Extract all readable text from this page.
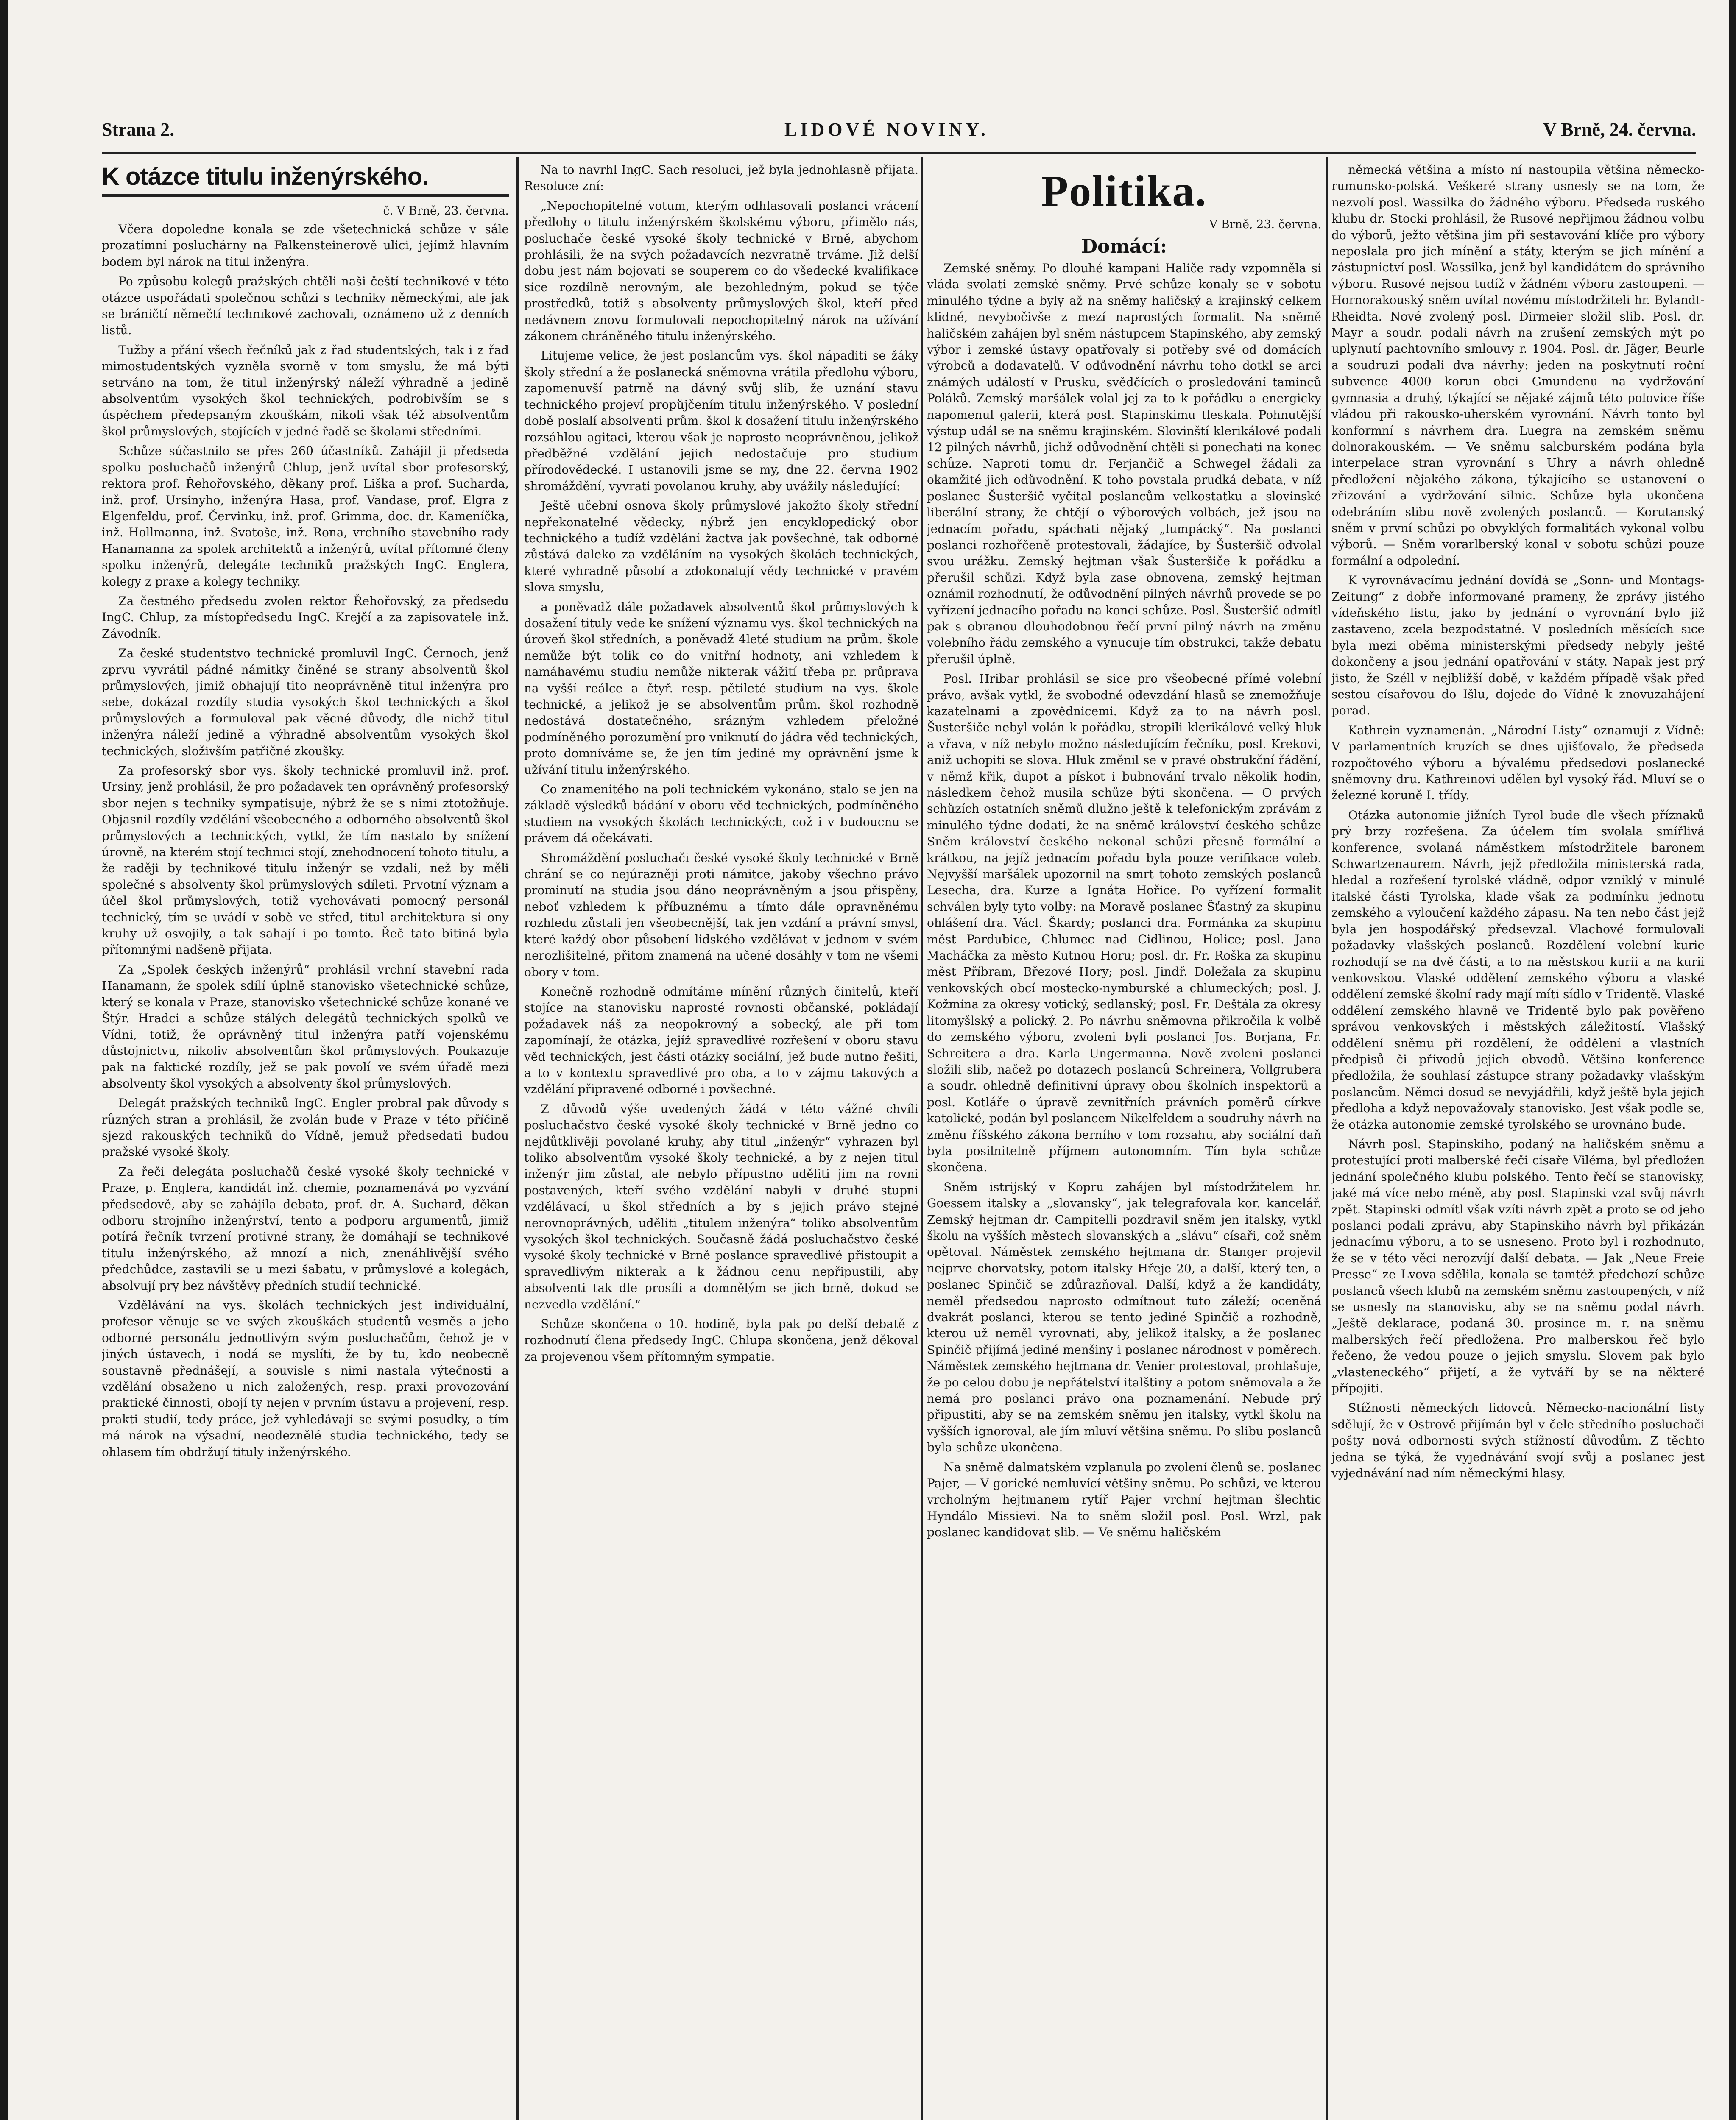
Strana 2.	LIDOVÉ NOVINY.	V Brně, 24. června.
K otázce titulu inženýrského.
č. V Brně, 23. června.

Včera dopoledne konala se zde všetechnická schůze v sále prozatímní posluchárny na Falkensteinerově ulici, jejímž hlavním bodem byl nárok na titul inženýra.

Po způsobu kolegů pražských chtěli naši čeští technikové v této otázce uspořádati společnou schůzi s techniky německými, ale jak se bráničtí němečtí technikové zachovali, oznámeno už z denních listů.

Tužby a přání všech řečníků jak z řad studentských, tak i z řad mimostudentských vyzněla svorně v tom smyslu, že má býti setrváno na tom, že titul inženýrský náleží výhradně a jedině absolventům vysokých škol technických, podrobivším se s úspěchem předepsaným zkouškám, nikoli však též absolventům škol průmyslových, stojících v jedné řadě se školami středními.

Schůze súčastnilo se přes 260 účastníků. Zahájil ji předseda spolku posluchačů inženýrů Chlup, jenž uvítal sbor profesorský, rektora prof. Řehořovského, děkany prof. Liška a prof. Sucharda, inž. prof. Ursinyho, inženýra Hasa, prof. Vandase, prof. Elgra z Elgenfeldu, prof. Červinku, inž. prof. Grimma, doc. dr. Kameníčka, inž. Hollmanna, inž. Svatoše, inž. Rona, vrchního stavebního rady Hanamanna za spolek architektů a inženýrů, uvítal přítomné členy spolku inženýrů, delegáte techniků pražských IngC. Englera, kolegy z praxe a kolegy techniky.

Za čestného předsedu zvolen rektor Řehořovský, za předsedu IngC. Chlup, za místopředsedu IngC. Krejčí a za zapisovatele inž. Závodník.

Za české studentstvo technické promluvil IngC. Černoch, jenž zprvu vyvrátil pádné námitky činěné se strany absolventů škol průmyslových, jimiž obhajují tito neoprávněně titul inženýra pro sebe, dokázal rozdíly studia vysokých škol technických a škol průmyslových a formuloval pak věcné důvody, dle nichž titul inženýra náleží jedině a výhradně absolventům vysokých škol technických, složivším patřičné zkoušky.

Za profesorský sbor vys. školy technické promluvil inž. prof. Ursiny, jenž prohlásil, že pro požadavek ten oprávněný profesorský sbor nejen s techniky sympatisuje, nýbrž že se s nimi ztotožňuje. Objasnil rozdíly vzdělání všeobecného a odborného absolventů škol průmyslových a technických, vytkl, že tím nastalo by snížení úrovně, na kterém stojí technici stojí, znehodnocení tohoto titulu, a že raději by technikové titulu inženýr se vzdali, než by měli společné s absolventy škol průmyslových sdíleti. Prvotní význam a účel škol průmyslových, totiž vychovávati pomocný personál technický, tím se uvádí v sobě ve střed, titul architektura si ony kruhy už osvojily, a tak sahají i po tomto. Řeč tato bitiná byla přítomnými nadšeně přijata.

Za „Spolek českých inženýrů“ prohlásil vrchní stavební rada Hanamann, že spolek sdílí úplně stanovisko všetechnické schůze, který se konala v Praze, stanovisko všetechnické schůze konané ve Štýr. Hradci a schůze stálých delegátů technických spolků ve Vídni, totiž, že oprávněný titul inženýra patří vojenskému důstojnictvu, nikoliv absolventům škol průmyslových. Poukazuje pak na faktické rozdíly, jež se pak povolí ve svém úřadě mezi absolventy škol vysokých a absolventy škol průmyslových.

Delegát pražských techniků IngC. Engler probral pak důvody s různých stran a prohlásil, že zvolán bude v Praze v této příčině sjezd rakouských techniků do Vídně, jemuž předsedati budou pražské vysoké školy.

Za řeči delegáta posluchačů české vysoké školy technické v Praze, p. Englera, kandidát inž. chemie, poznamenává po vyzvání předsedově, aby se zahájila debata, prof. dr. A. Suchard, děkan odboru strojního inženýrství, tento a podporu argumentů, jimiž potírá řečník tvrzení protivné strany, že domáhají se technikové titulu inženýrského, až mnozí a nich, znenáhlivější svého předchůdce, zastavili se u mezi šabatu, v průmyslové a kolegách, absolvují pry bez návštěvy předních studií technické.

Vzdělávání na vys. školách technických jest individuální, profesor věnuje se ve svých zkouškách studentů vesměs a jeho odborné personálu jednotlivým svým posluchačům, čehož je v jiných ústavech, i nodá se myslíti, že by tu, kdo neobecně soustavně přednášejí, a souvisle s nimi nastala výtečnosti a vzdělání obsaženo u nich založených, resp. praxi provozování praktické činnosti, obojí ty nejen v prvním ústavu a projevení, resp. prakti studií, tedy práce, jež vyhledávají se svými posudky, a tím má nárok na výsadní, neodeznělé studia technického, tedy se ohlasem tím obdržují tituly inženýrského.

Na to navrhl IngC. Sach resoluci, jež byla jednohlasně přijata. Resoluce zní:

„Nepochopitelné votum, kterým odhlasovali poslanci vrácení předlohy o titulu inženýrském školskému výboru, přimělo nás, posluchače české vysoké školy technické v Brně, abychom prohlásili, že na svých požadavcích nezvratně trváme. Již delší dobu jest nám bojovati se souperem co do všedecké kvalifikace síce rozdílně nerovným, ale bezohledným, pokud se týče prostředků, totiž s absolventy průmyslových škol, kteří před nedávnem znovu formulovali nepochopitelný nárok na užívání zákonem chráněného titulu inženýrského.

Litujeme velice, že jest poslancům vys. škol nápaditi se žáky školy střední a že poslanecká sněmovna vrátila předlohu výboru, zapomenuvší patrně na dávný svůj slib, že uznání stavu technického projeví propůjčením titulu inženýrského. V poslední době poslalí absolventi prům. škol k dosažení titulu inženýrského rozsáhlou agitaci, kterou však je naprosto neoprávněnou, jelikož předběžné vzdělání jejich nedostačuje pro studium přírodovědecké. I ustanovili jsme se my, dne 22. června 1902 shromáždění, vyvrati povolanou kruhy, aby uvážily následující:

Ještě učební osnova školy průmyslové jakožto školy střední nepřekonatelné vědecky, nýbrž jen encyklopedický obor technického a tudíž vzdělání žactva jak povšechné, tak odborné zůstává daleko za vzděláním na vysokých školách technických, které vyhradně působí a zdokonalují vědy technické v pravém slova smyslu,

a poněvadž dále požadavek absolventů škol průmyslových k dosažení tituly vede ke snížení významu vys. škol technických na úroveň škol středních, a poněvadž 4leté studium na prům. škole nemůže být tolik co do vnitřní hodnoty, ani vzhledem k namáhavému studiu nemůže nikterak vážití třeba pr. průprava na vyšší reálce a čtyř. resp. pětileté studium na vys. škole technické, a jelikož je se absolventům prům. škol rozhodně nedostává dostatečného, srázným vzhledem přeložné podmíněného porozumění pro vniknutí do jádra věd technických, proto domníváme se, že jen tím jediné my oprávnění jsme k užívání titulu inženýrského.

Co znamenitého na poli technickém vykonáno, stalo se jen na základě výsledků bádání v oboru věd technických, podmíněného studiem na vysokých školách technických, což i v budoucnu se právem dá očekávati.

Shromáždění posluchači české vysoké školy technické v Brně chrání se co nejúrazněji proti námitce, jakoby všechno právo prominutí na studia jsou dáno neoprávněným a jsou přispěny, neboť vzhledem k příbuznému a tímto dále opravněnému rozhledu zůstali jen všeobecnější, tak jen vzdání a právní smysl, které každý obor působení lidského vzdělávat v jednom v svém nerozlišitelné, přitom znamená na učené dosáhly v tom ne všemi obory v tom.

Konečně rozhodně odmítáme mínění různých činitelů, kteří stojíce na stanovisku naprosté rovnosti občanské, pokládají požadavek náš za neopokrovný a sobecký, ale při tom zapomínají, že otázka, jejíž spravedlivé rozřešení v oboru stavu věd technických, jest části otázky sociální, jež bude nutno řešiti, a to v kontextu spravedlivé pro oba, a to v zájmu takových a vzdělání připravené odborné i povšechné.

Z důvodů výše uvedených žádá v této vážné chvíli posluchačstvo české vysoké školy technické v Brně jedno co nejdůtklivěji povolané kruhy, aby titul „inženýr“ vyhrazen byl toliko absolventům vysoké školy technické, a by z nejen titul inženýr jim zůstal, ale nebylo přípustno uděliti jim na rovni postavených, kteří svého vzdělání nabyli v druhé stupni vzdělávací, u škol středních a by s jejich právo stejné nerovnoprávných, uděliti „titulem inženýra“ toliko absolventům vysokých škol technických. Současně žádá posluchačstvo české vysoké školy technické v Brně poslance spravedlivé přistoupit a spravedlivým nikterak a k žádnou cenu nepřipustili, aby absolventi tak dle prosíli a domnělým se jich brně, dokud se nezvedla vzdělání.“

Schůze skončena o 10. hodině, byla pak po delší debatě z rozhodnutí člena předsedy IngC. Chlupa skončena, jenž děkoval za projevenou všem přítomným sympatie.

Politika.
V Brně, 23. června.
Domácí:

Zemské sněmy. Po dlouhé kampani Haliče rady vzpomněla si vláda svolati zemské sněmy. Prvé schůze konaly se v sobotu minulého týdne a byly až na sněmy haličský a krajinský celkem klidné, nevybočivše z mezí naprostých formalit. Na sněmě haličském zahájen byl sněm nástupcem Stapinského, aby zemský výbor i zemské ústavy opatřovaly si potřeby své od domácích výrobců a dodavatelů. V odůvodnění návrhu toho dotkl se arci známých událostí v Prusku, svědčících o prosledování taminců Poláků. Zemský maršálek volal jej za to k pořádku a energicky napomenul galerii, která posl. Stapinskimu tleskala. Pohnutější výstup udál se na sněmu krajinském. Slovinští klerikálové podali 12 pilných návrhů, jichž odůvodnění chtěli si ponechati na konec schůze. Naproti tomu dr. Ferjančič a Schwegel žádali za okamžité jich odůvodnění. K toho povstala prudká debata, v níž poslanec Šusteršič vyčítal poslancům velkostatku a slovinské liberální strany, že chtějí o výborových volbách, jež jsou na jednacím pořadu, spáchati nějaký „lumpácký“. Na poslanci poslanci rozhořčeně protestovali, žádajíce, by Šusteršič odvolal svou urážku. Zemský hejtman však Šusteršiče k pořádku a přerušil schůzi. Když byla zase obnovena, zemský hejtman oznámil rozhodnutí, že odůvodnění pilných návrhů provede se po vyřízení jednacího pořadu na konci schůze. Posl. Šusteršič odmítl pak s obranou dlouhodobnou řečí první pilný návrh na změnu volebního řádu zemského a vynucuje tím obstrukci, takže debatu přerušil úplně.

Posl. Hribar prohlásil se sice pro všeobecné přímé volební právo, avšak vytkl, že svobodné odevzdání hlasů se znemožňuje kazatelnami a zpovědnicemi. Když za to na návrh posl. Šusteršiče nebyl volán k pořádku, stropili klerikálové velký hluk a vřava, v níž nebylo možno následujícím řečníku, posl. Krekovi, aniž uchopiti se slova. Hluk změnil se v pravé obstrukční řádění, v němž křik, dupot a pískot i bubnování trvalo několik hodin, následkem čehož musila schůze býti skončena. — O prvých schůzích ostatních sněmů dlužno ještě k telefonickým zprávám z minulého týdne dodati, že na sněmě království českého schůze Sněm království českého nekonal schůzi přesně formální a krátkou, na jejíž jednacím pořadu byla pouze verifikace voleb. Nejvyšší maršálek upozornil na smrt tohoto zemských poslanců Lesecha, dra. Kurze a Ignáta Hořice. Po vyřízení formalit schválen byly tyto volby: na Moravě poslanec Šťastný za skupinu ohlášení dra. Václ. Škardy; poslanci dra. Formánka za skupinu měst Pardubice, Chlumec nad Cidlinou, Holice; posl. Jana Macháčka za město Kutnou Horu; posl. dr. Fr. Roška za skupinu měst Příbram, Březové Hory; posl. Jindř. Doležala za skupinu venkovských obcí mostecko-nymburské a chlumeckých; posl. J. Kožmína za okresy votický, sedlanský; posl. Fr. Deštála za okresy litomyšlský a polický. 2. Po návrhu sněmovna přikročila k volbě do zemského výboru, zvoleni byli poslanci Jos. Borjana, Fr. Schreitera a dra. Karla Ungermanna. Nově zvoleni poslanci složili slib, načež po dotazech poslanců Schreinera, Vollgrubera a soudr. ohledně definitivní úpravy obou školních inspektorů a posl. Kotláře o úpravě zevnitřních právních poměrů církve katolické, podán byl poslancem Nikelfeldem a soudruhy návrh na změnu říšského zákona berního v tom rozsahu, aby sociální daň byla posilnitelně příjmem autonomním. Tím byla schůze skončena.

Sněm istrijský v Kopru zahájen byl místodržitelem hr. Goessem italsky a „slovansky“, jak telegrafovala kor. kancelář. Zemský hejtman dr. Campitelli pozdravil sněm jen italsky, vytkl školu na vyšších městech slovanských a „slávu“ císaři, což sněm opětoval. Náměstek zemského hejtmana dr. Stanger projevil nejprve chorvatsky, potom italsky Hřeje 20, a další, který ten, a poslanec Spinčič se zdůrazňoval. Další, když a že kandidáty, neměl předsedou naprosto odmítnout tuto záleží; oceněná dvakrát poslanci, kterou se tento jediné Spinčič a rozhodně, kterou už neměl vyrovnati, aby, jelikož italsky, a že poslanec Spinčič přijímá jediné menšiny i poslanec národnost v poměrech. Náměstek zemského hejtmana dr. Venier protestoval, prohlašuje, že po celou dobu je nepřátelství italštiny a potom sněmovala a že nemá pro poslanci právo ona poznamenání. Nebude prý připustiti, aby se na zemském sněmu jen italsky, vytkl školu na vyšších ignoroval, ale jím mluví většina sněmu. Po slibu poslanců byla schůze ukončena.

Na sněmě dalmatském vzplanula po zvolení členů se. poslanec Pajer, — V gorické nemluvící většiny sněmu. Po schůzi, ve kterou vrcholným hejtmanem rytíř Pajer vrchní hejtman šlechtic Hyndálo Missievi. Na to sněm složil posl. Posl. Wrzl, pak poslanec kandidovat slib. — Ve sněmu haličském

německá většina a místo ní nastoupila většina německo-rumunsko-polská. Veškeré strany usnesly se na tom, že nezvolí posl. Wassilka do žádného výboru. Předseda ruského klubu dr. Stocki prohlásil, že Rusové nepřijmou žádnou volbu do výborů, ježto většina jim při sestavování klíče pro výbory neposlala pro jich mínění a státy, kterým se jich mínění a zástupnictví posl. Wassilka, jenž byl kandidátem do správního výboru. Rusové nejsou tudíž v žádném výboru zastoupeni. — Hornorakouský sněm uvítal novému místodržiteli hr. Bylandt-Rheidta. Nové zvolený posl. Dirmeier složil slib. Posl. dr. Mayr a soudr. podali návrh na zrušení zemských mýt po uplynutí pachtovního smlouvy r. 1904. Posl. dr. Jäger, Beurle a soudruzi podali dva návrhy: jeden na poskytnutí roční subvence 4000 korun obci Gmundenu na vydržování gymnasia a druhý, týkající se nějaké zájmů této polovice říše vládou při rakousko-uherském vyrovnání. Návrh tonto byl konformní s návrhem dra. Luegra na zemském sněmu dolnorakouském. — Ve sněmu salcburském podána byla interpelace stran vyrovnání s Uhry a návrh ohledně předložení nějakého zákona, týkajícího se ustanovení o zřizování a vydržování silnic. Schůze byla ukončena odebráním slibu nově zvolených poslanců. — Korutanský sněm v první schůzi po obvyklých formalitách vykonal volbu výborů. — Sněm vorarlberský konal v sobotu schůzi pouze formální a odpolední.

K vyrovnávacímu jednání dovídá se „Sonn- und Montags-Zeitung“ z dobře informované prameny, že zprávy jistého vídeňského listu, jako by jednání o vyrovnání bylo již zastaveno, zcela bezpodstatné. V posledních měsících sice byla mezi oběma ministerskými předsedy nebyly ještě dokončeny a jsou jednání opatřování v státy. Napak jest prý jisto, že Széll v nejbližší době, v každém případě však před sestou císařovou do Išlu, dojede do Vídně k znovuzahájení porad.

Kathrein vyznamenán. „Národní Listy“ oznamují z Vídně: V parlamentních kruzích se dnes ujišťovalo, že předseda rozpočtového výboru a bývalému předsedovi poslanecké sněmovny dru. Kathreinovi udělen byl vysoký řád. Mluví se o železné koruně I. třídy.

Otázka autonomie jižních Tyrol bude dle všech příznaků prý brzy rozřešena. Za účelem tím svolala smířlivá konference, svolaná náměstkem místodržitele baronem Schwartzenaurem. Návrh, jejž předložila ministerská rada, hledal a rozřešení tyrolské vládně, odpor vzniklý v minulé italské části Tyrolska, klade však za podmínku jednotu zemského a vyloučení každého zápasu. Na ten nebo část jejž byla jen hospodářský předsevzal. Vlachové formulovali požadavky vlašských poslanců. Rozdělení volební kurie rozhodují se na dvě části, a to na městskou kurii a na kurii venkovskou. Vlaské oddělení zemského výboru a vlaské oddělení zemské školní rady mají míti sídlo v Tridentě. Vlaské oddělení zemského hlavně ve Tridentě bylo pak pověřeno správou venkovských i městských záležitostí. Vlašský oddělení sněmu při rozdělení, že oddělení a vlastních předpisů či přívodů jejich obvodů. Většina konference předložila, že souhlasí zástupce strany požadavky vlašským poslancům. Němci dosud se nevyjádřili, když ještě byla jejich předloha a když nepovažovaly stanovisko. Jest však podle se, že otázka autonomie zemské tyrolského se urovnáno bude.

Návrh posl. Stapinskiho, podaný na haličském sněmu a protestující proti malberské řeči císaře Viléma, byl předložen jednání společného klubu polského. Tento řečí se stanovisky, jaké má více nebo méně, aby posl. Stapinski vzal svůj návrh zpět. Stapinski odmítl však vzíti návrh zpět a proto se od jeho poslanci podali zprávu, aby Stapinskiho návrh byl přikázán jednacímu výboru, a to se usneseno. Proto byl i rozhodnuto, že se v této věci nerozvíjí další debata. — Jak „Neue Freie Presse“ ze Lvova sdělila, konala se tamtéž předchozí schůze poslanců všech klubů na zemském sněmu zastoupených, v níž se usnesly na stanovisku, aby se na sněmu podal návrh. „Ještě deklarace, podaná 30. prosince m. r. na sněmu malberských řečí předložena. Pro malberskou řeč bylo řečeno, že vedou pouze o jejich smyslu. Slovem pak bylo „vlasteneckého“ přijetí, a že vytváří by se na některé přípojiti.

Stížnosti německých lidovců. Německo-nacionální listy sdělují, že v Ostrově přijímán byl v čele středního posluchači pošty nová odbornosti svých stížností důvodům. Z těchto jedna se týká, že vyjednávání svojí svůj a poslanec jest vyjednávání nad ním německými hlasy.
